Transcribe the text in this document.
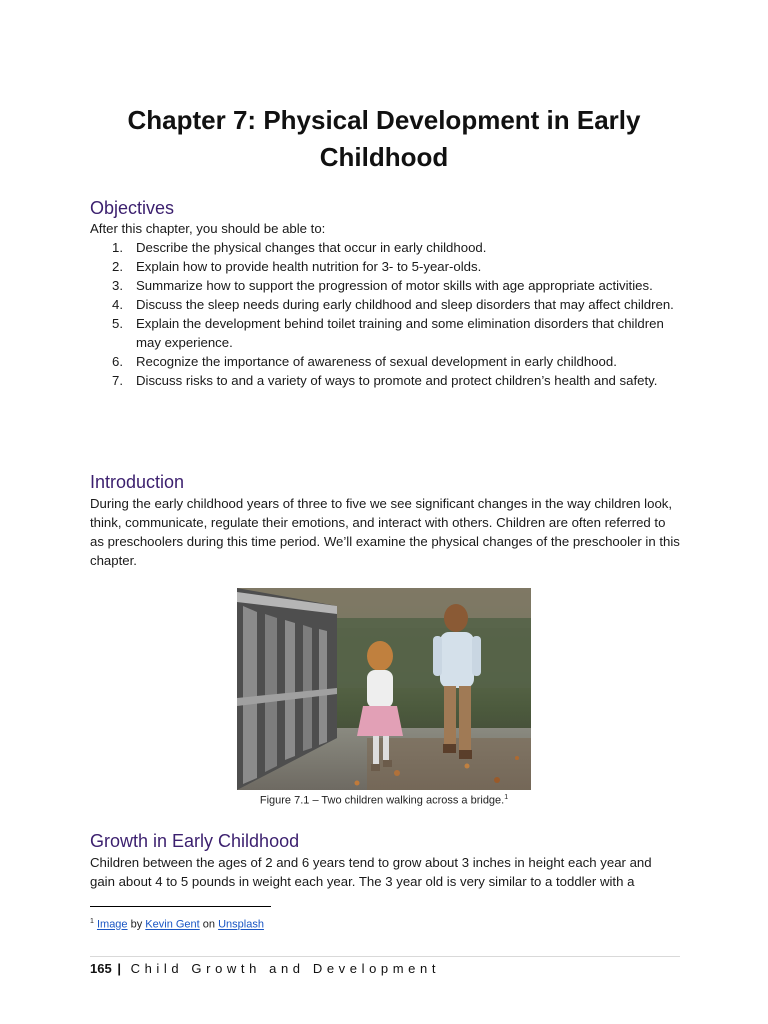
Chapter 7: Physical Development in Early Childhood
Objectives

After this chapter, you should be able to:

1. Describe the physical changes that occur in early childhood.
2. Explain how to provide health nutrition for 3- to 5-year-olds.
3. Summarize how to support the progression of motor skills with age appropriate activities.
4. Discuss the sleep needs during early childhood and sleep disorders that may affect children.
5. Explain the development behind toilet training and some elimination disorders that children may experience.
6. Recognize the importance of awareness of sexual development in early childhood.
7. Discuss risks to and a variety of ways to promote and protect children’s health and safety.
Introduction

During the early childhood years of three to five we see significant changes in the way children look, think, communicate, regulate their emotions, and interact with others. Children are often referred to as preschoolers during this time period. We’ll examine the physical changes of the preschooler in this chapter.

Figure 7.1 – Two children walking across a bridge.$^1$
Growth in Early Childhood

Children between the ages of 2 and 6 years tend to grow about 3 inches in height each year and gain about 4 to 5 pounds in weight each year. The 3 year old is very similar to a toddler with a

$^1$ Image by Kevin Gent on Unsplash
165 | Child Growth and Development
